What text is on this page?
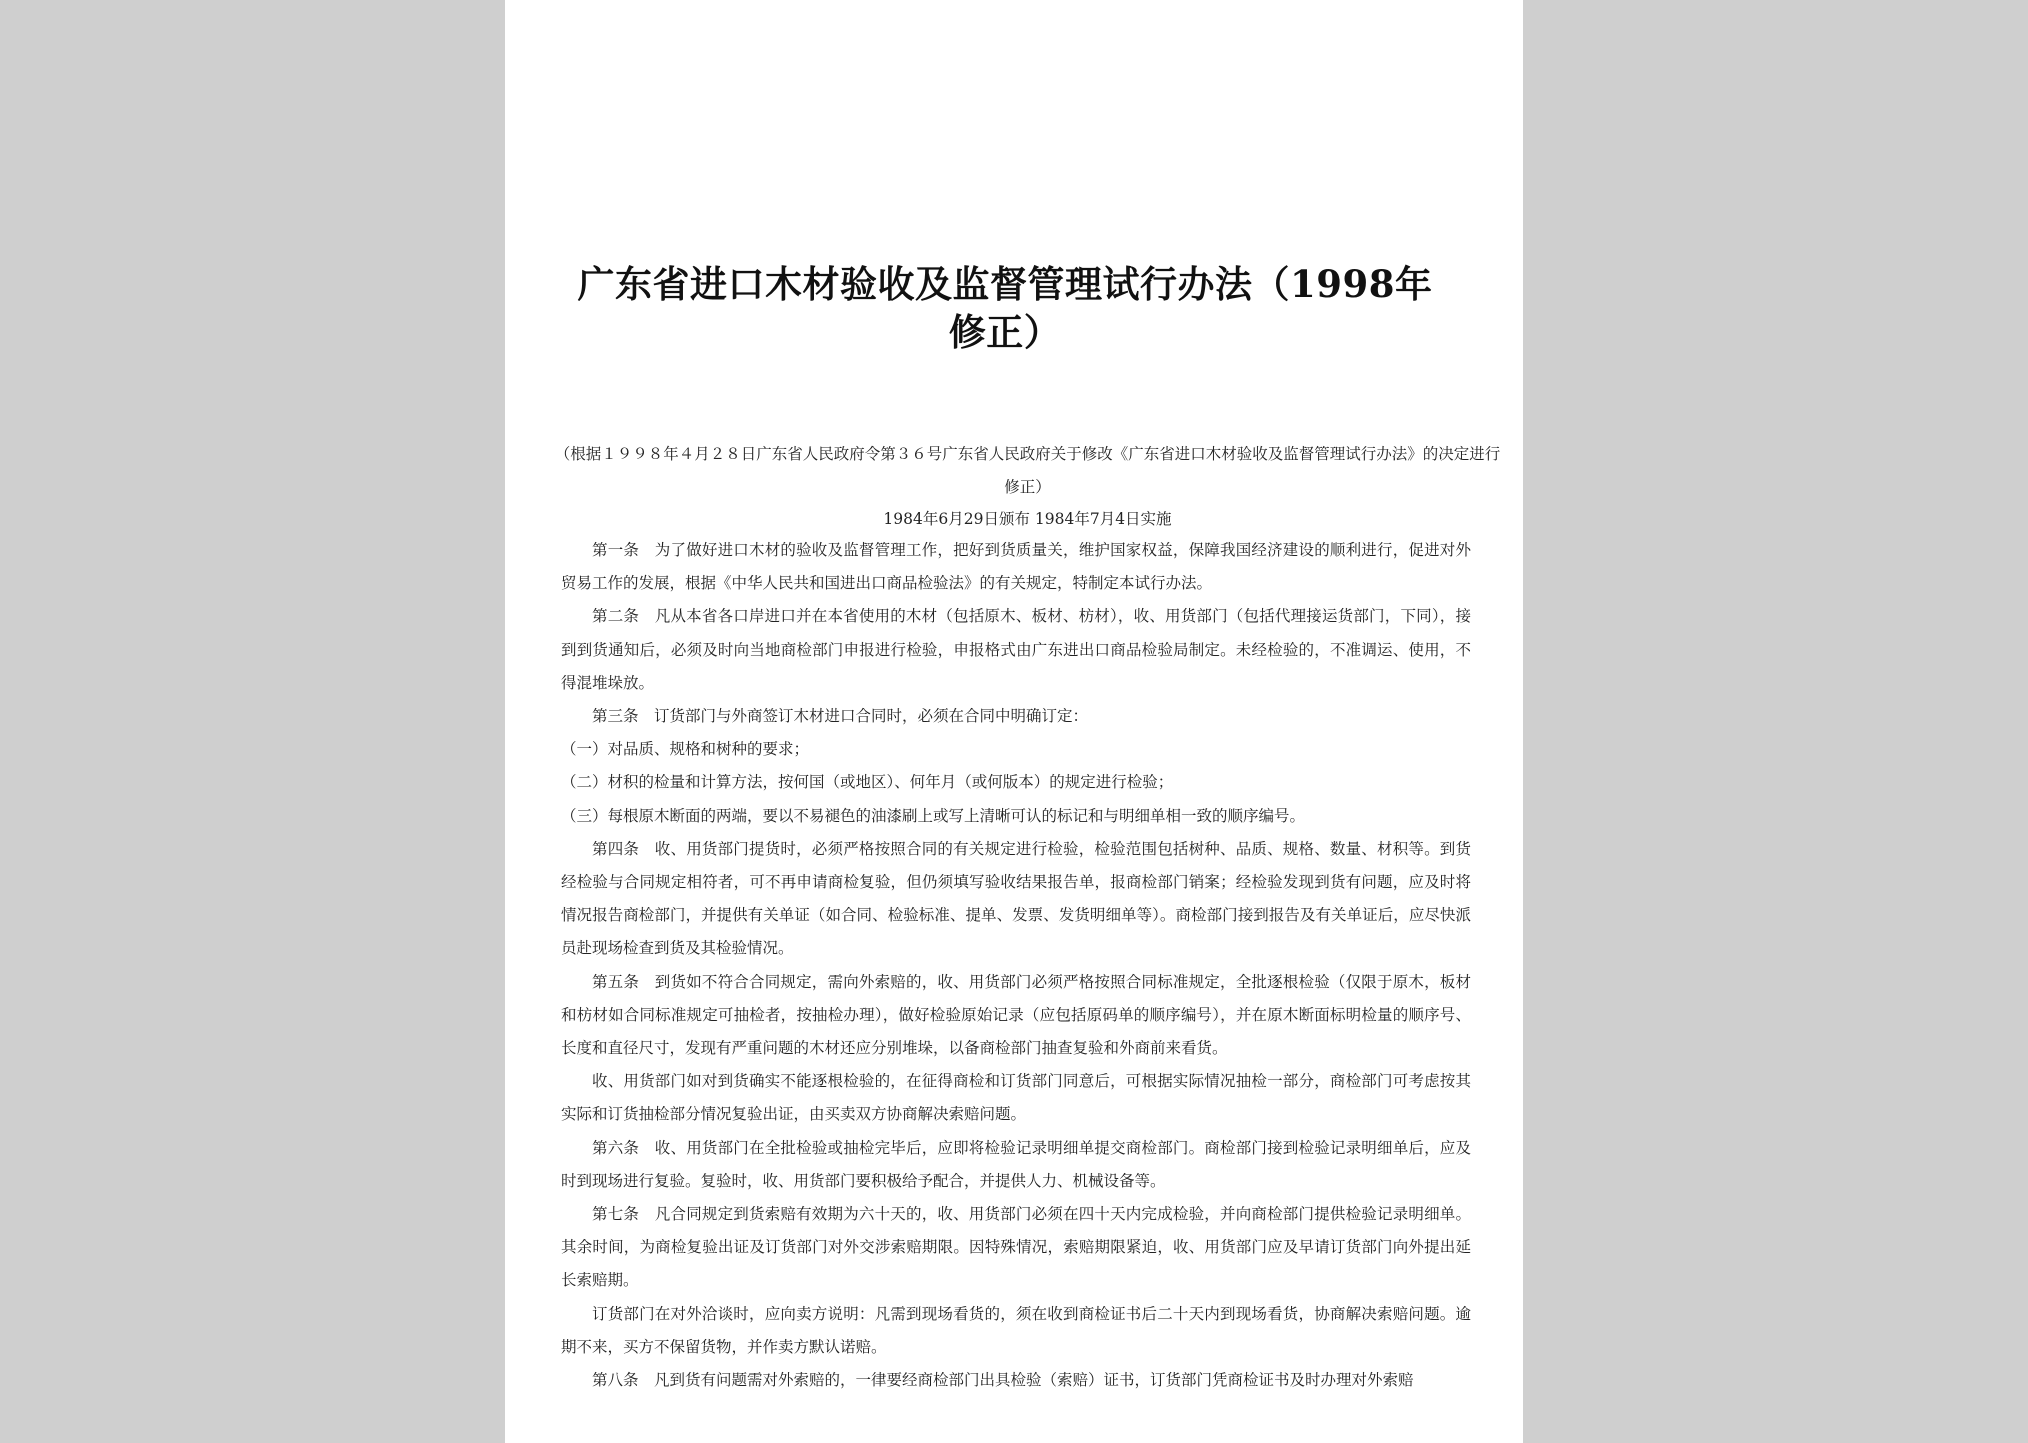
广东省进口木材验收及监督管理试行办法（1998年修正）
（根据１９９８年４月２８日广东省人民政府令第３６号广东省人民政府关于修改《广东省进口木材验收及监督管理试行办法》的决定进行修正）
1984年6月29日颁布 1984年7月4日实施

第一条　为了做好进口木材的验收及监督管理工作，把好到货质量关，维护国家权益，保障我国经济建设的顺利进行，促进对外贸易工作的发展，根据《中华人民共和国进出口商品检验法》的有关规定，特制定本试行办法。

第二条　凡从本省各口岸进口并在本省使用的木材（包括原木、板材、枋材），收、用货部门（包括代理接运货部门，下同），接到到货通知后，必须及时向当地商检部门申报进行检验，申报格式由广东进出口商品检验局制定。未经检验的，不准调运、使用，不得混堆垛放。

第三条　订货部门与外商签订木材进口合同时，必须在合同中明确订定：

（一）对品质、规格和树种的要求；

（二）材积的检量和计算方法，按何国（或地区）、何年月（或何版本）的规定进行检验；

（三）每根原木断面的两端，要以不易褪色的油漆刷上或写上清晰可认的标记和与明细单相一致的顺序编号。

第四条　收、用货部门提货时，必须严格按照合同的有关规定进行检验，检验范围包括树种、品质、规格、数量、材积等。到货经检验与合同规定相符者，可不再申请商检复验，但仍须填写验收结果报告单，报商检部门销案；经检验发现到货有问题，应及时将情况报告商检部门，并提供有关单证（如合同、检验标准、提单、发票、发货明细单等）。商检部门接到报告及有关单证后，应尽快派员赴现场检查到货及其检验情况。

第五条　到货如不符合合同规定，需向外索赔的，收、用货部门必须严格按照合同标准规定，全批逐根检验（仅限于原木，板材和枋材如合同标准规定可抽检者，按抽检办理），做好检验原始记录（应包括原码单的顺序编号），并在原木断面标明检量的顺序号、长度和直径尺寸，发现有严重问题的木材还应分别堆垛，以备商检部门抽查复验和外商前来看货。

收、用货部门如对到货确实不能逐根检验的，在征得商检和订货部门同意后，可根据实际情况抽检一部分，商检部门可考虑按其实际和订货抽检部分情况复验出证，由买卖双方协商解决索赔问题。

第六条　收、用货部门在全批检验或抽检完毕后，应即将检验记录明细单提交商检部门。商检部门接到检验记录明细单后，应及时到现场进行复验。复验时，收、用货部门要积极给予配合，并提供人力、机械设备等。

第七条　凡合同规定到货索赔有效期为六十天的，收、用货部门必须在四十天内完成检验，并向商检部门提供检验记录明细单。其余时间，为商检复验出证及订货部门对外交涉索赔期限。因特殊情况，索赔期限紧迫，收、用货部门应及早请订货部门向外提出延长索赔期。

订货部门在对外洽谈时，应向卖方说明：凡需到现场看货的，须在收到商检证书后二十天内到现场看货，协商解决索赔问题。逾期不来，买方不保留货物，并作卖方默认诺赔。

第八条　凡到货有问题需对外索赔的，一律要经商检部门出具检验（索赔）证书，订货部门凭商检证书及时办理对外索赔
